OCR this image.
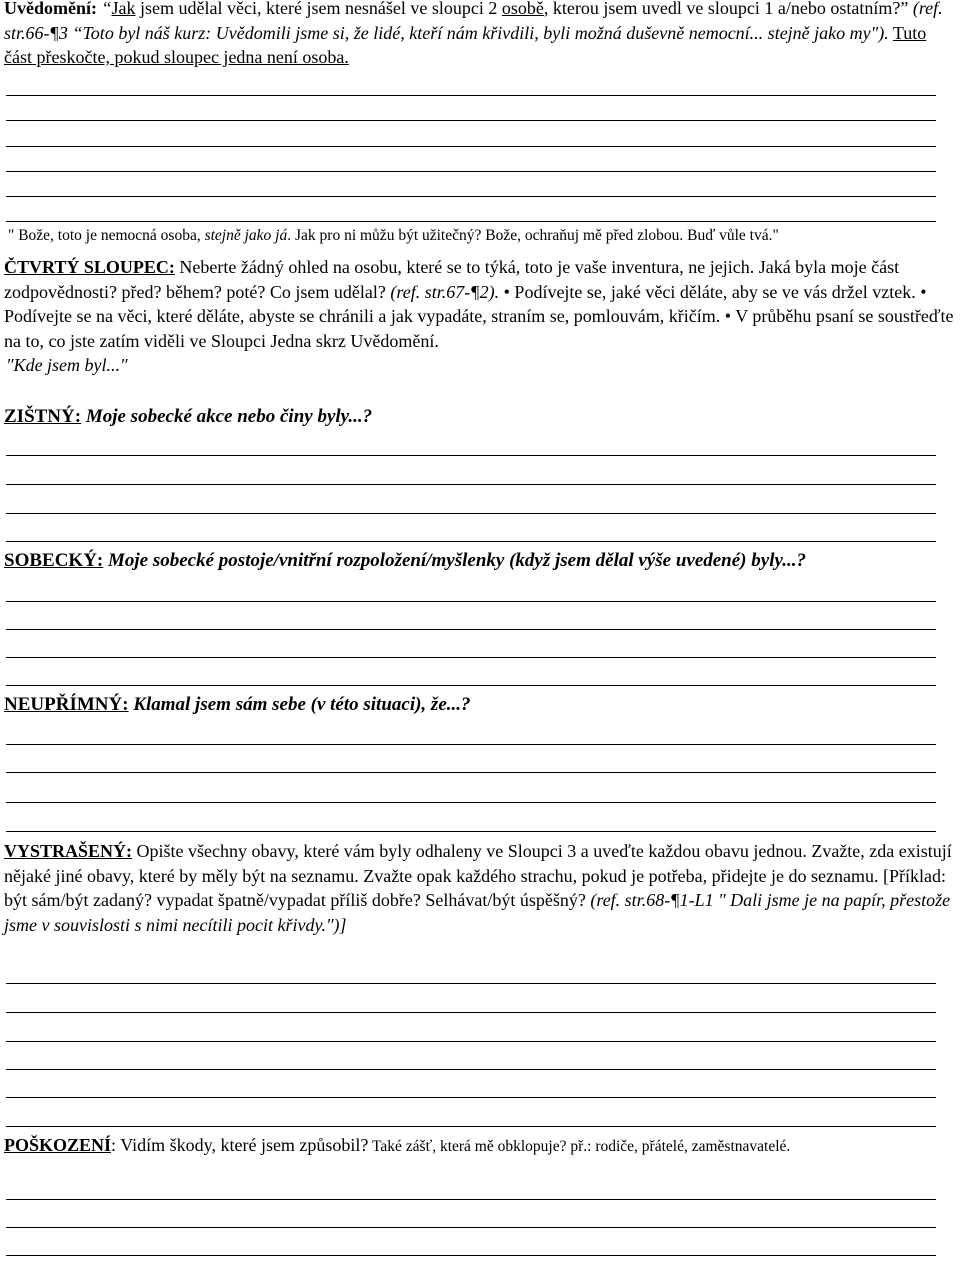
Uvědomění: “Jak jsem udělal věci, které jsem nesnášel ve sloupci 2 osobě, kterou jsem uvedl ve sloupci 1 a/nebo ostatním?” (ref. str.66-¶3 “Toto byl náš kurz: Uvědomili jsme si, že lidé, kteří nám křivdili, byli možná duševně nemocní... stejně jako my"). Tuto část přeskočte, pokud sloupec jedna není osoba.
" Bože, toto je nemocná osoba, stejně jako já. Jak pro ni můžu být užitečný? Bože, ochraňuj mě před zlobou. Buď vůle tvá."
ČTVRTÝ SLOUPEC: Neberte žádný ohled na osobu, které se to týká, toto je vaše inventura, ne jejich. Jaká byla moje část zodpovědnosti? před? během? poté? Co jsem udělal? (ref. str.67-¶2). • Podívejte se, jaké věci děláte, aby se ve vás držel vztek. • Podívejte se na věci, které děláte, abyste se chránili a jak vypadáte, straním se, pomlouvám, křičím. • V průběhu psaní se soustřeďte na to, co jste zatím viděli ve Sloupci Jedna skrz Uvědomění.
"Kde jsem byl..."
ZIŠTNÝ: Moje sobecké akce nebo činy byly...?
SOBECKÝ: Moje sobecké postoje/vnitřní rozpoložení/myšlenky (když jsem dělal výše uvedené) byly...?
NEUPŘÍMNÝ: Klamal jsem sám sebe (v této situaci), že...?
VYSTRAŠENÝ: Opište všechny obavy, které vám byly odhaleny ve Sloupci 3 a uveďte každou obavu jednou. Zvažte, zda existují nějaké jiné obavy, které by měly být na seznamu. Zvažte opak každého strachu, pokud je potřeba, přidejte je do seznamu. [Příklad: být sám/být zadaný? vypadat špatně/vypadat příliš dobře? Selhávat/být úspěšný? (ref. str.68-¶1-L1 " Dali jsme je na papír, přestože jsme v souvislosti s nimi necítili pocit křivdy.")]
POŠKOZENÍ: Vidím škody, které jsem způsobil? Také zášť, která mě obklopuje? př.: rodiče, přátelé, zaměstnavatelé.
